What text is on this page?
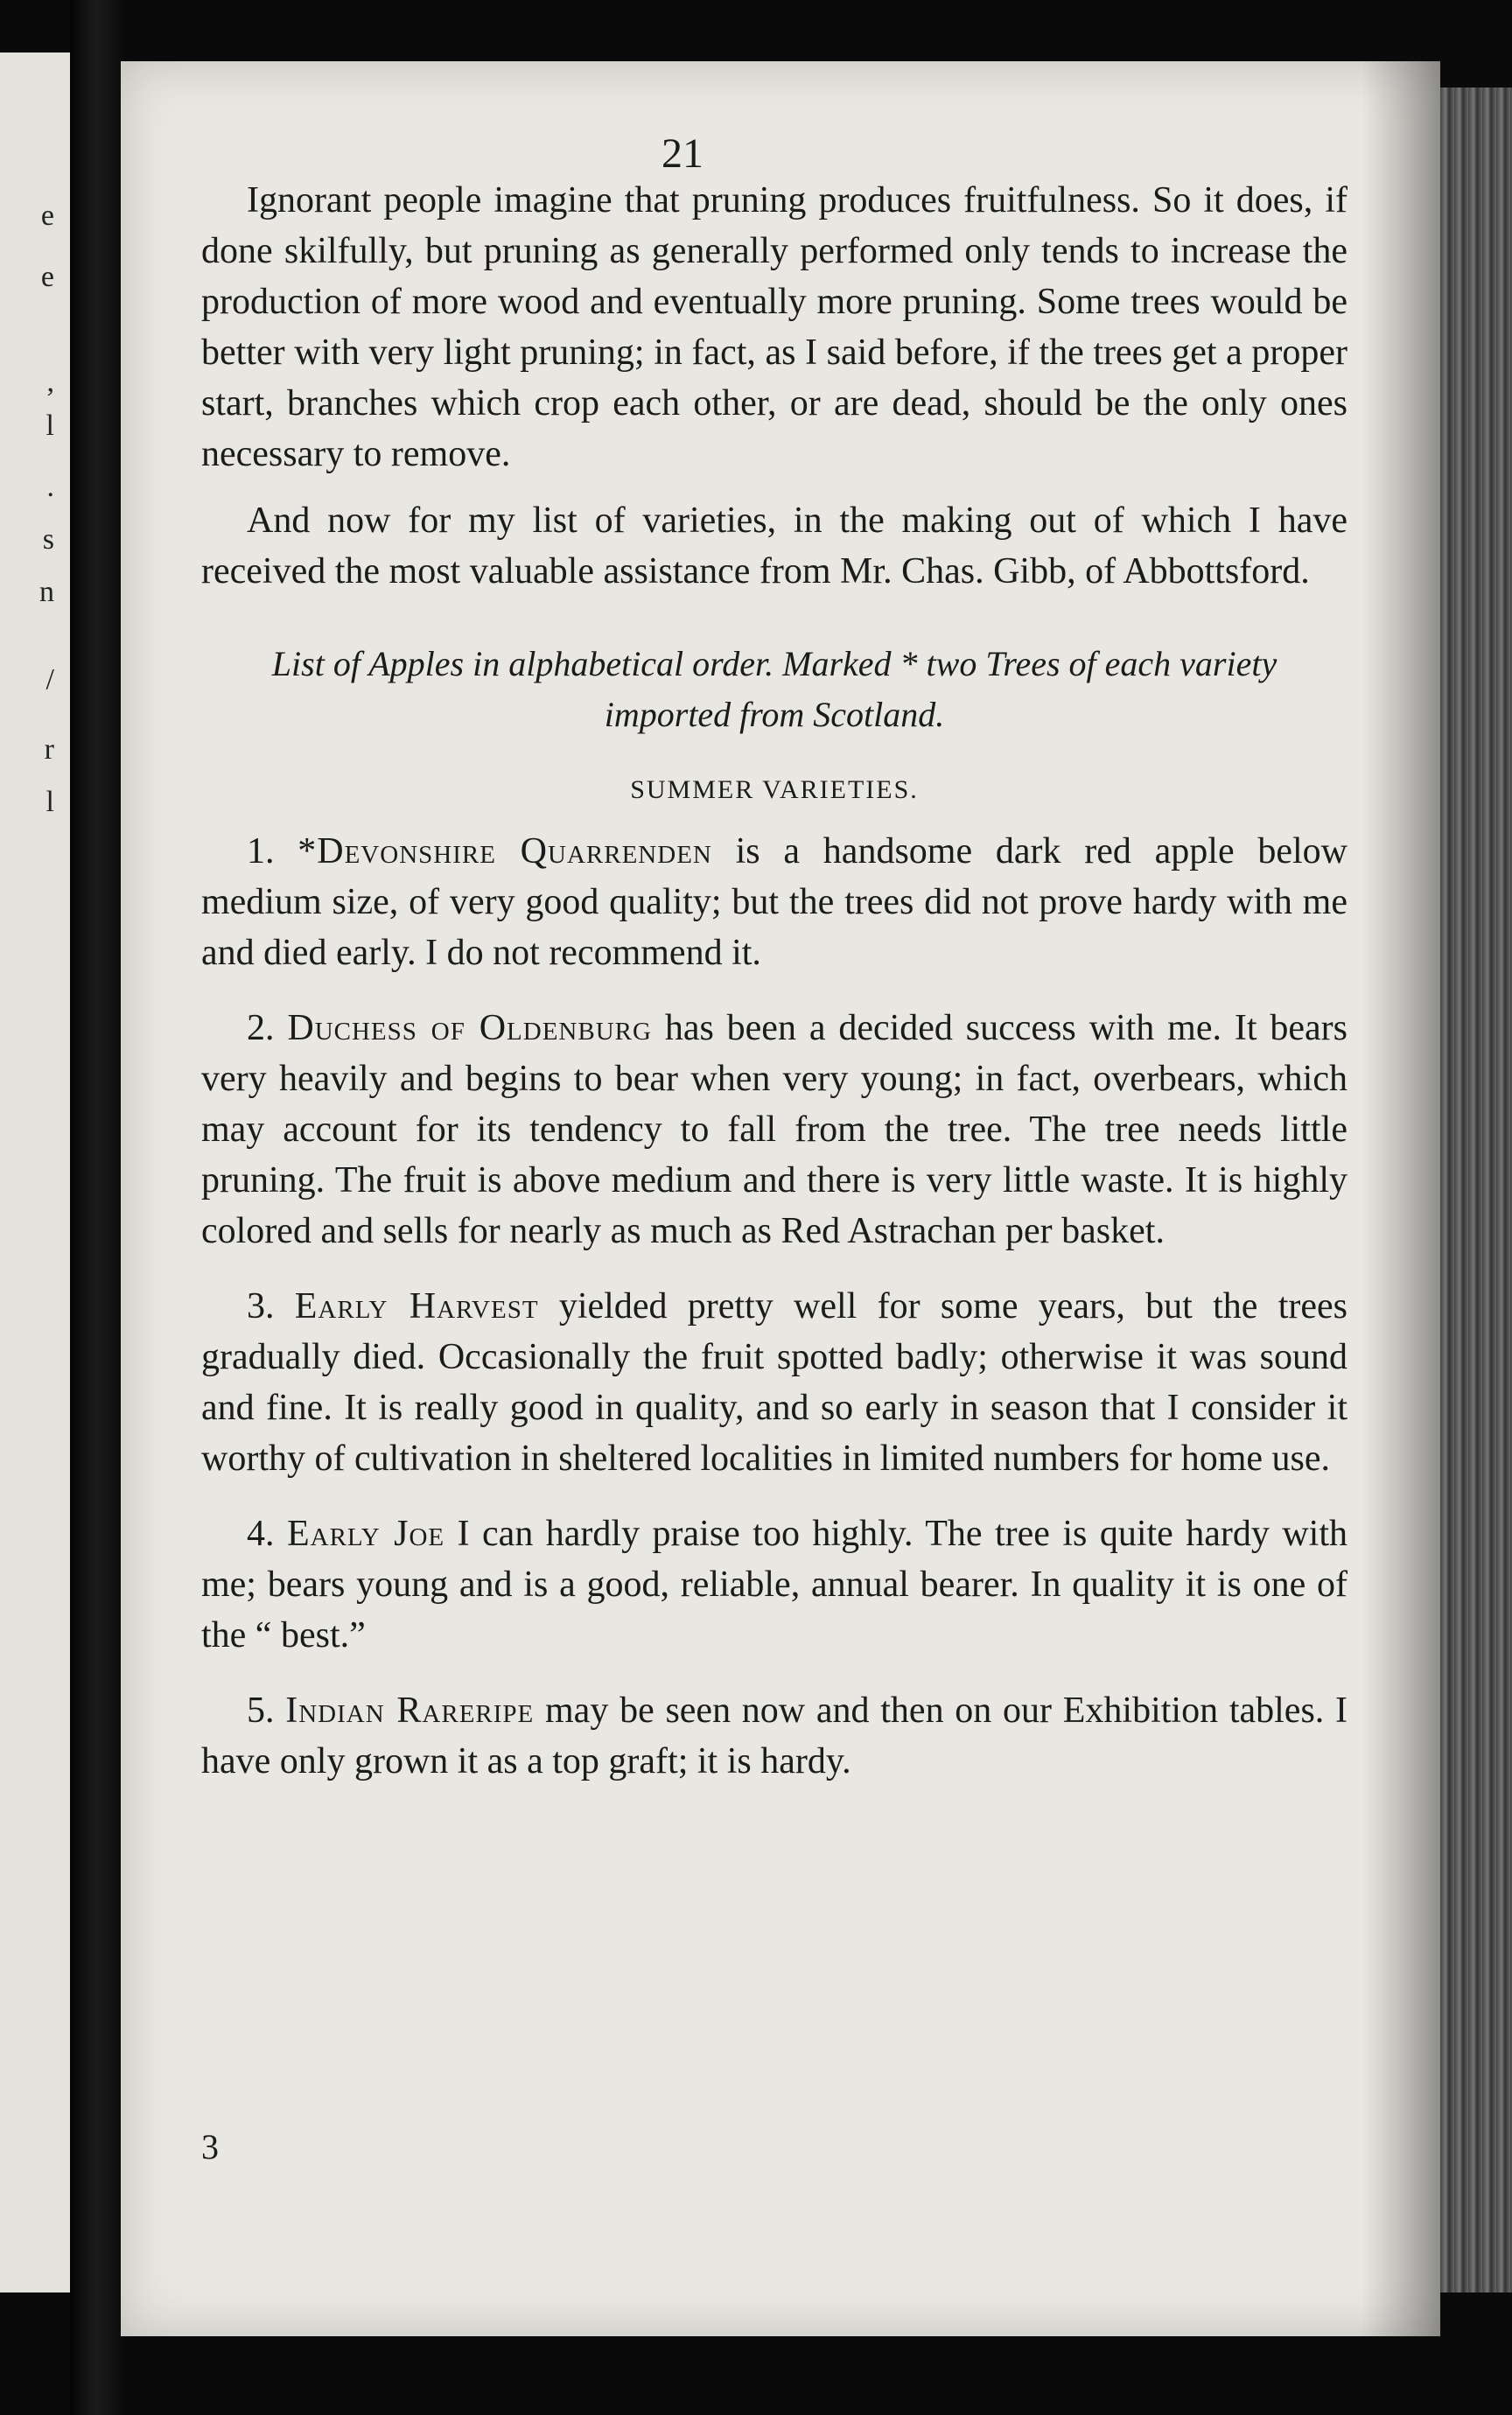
e
e
,
l
.
s
n
/
r
l
21

Ignorant people imagine that pruning produces fruitfulness. So it does, if done skilfully, but pruning as generally performed only tends to increase the production of more wood and eventually more pruning. Some trees would be better with very light pruning; in fact, as I said before, if the trees get a proper start, branches which crop each other, or are dead, should be the only ones necessary to remove.

And now for my list of varieties, in the making out of which I have received the most valuable assistance from Mr. Chas. Gibb, of Abbottsford.

List of Apples in alphabetical order. Marked * two Trees of each variety imported from Scotland.
SUMMER VARIETIES.

1. *Devonshire Quarrenden is a handsome dark red apple below medium size, of very good quality; but the trees did not prove hardy with me and died early. I do not recommend it.

2. Duchess of Oldenburg has been a decided success with me. It bears very heavily and begins to bear when very young; in fact, overbears, which may account for its tendency to fall from the tree. The tree needs little pruning. The fruit is above medium and there is very little waste. It is highly colored and sells for nearly as much as Red Astrachan per basket.

3. Early Harvest yielded pretty well for some years, but the trees gradually died. Occasionally the fruit spotted badly; otherwise it was sound and fine. It is really good in quality, and so early in season that I consider it worthy of cultivation in sheltered localities in limited numbers for home use.

4. Early Joe I can hardly praise too highly. The tree is quite hardy with me; bears young and is a good, reliable, annual bearer. In quality it is one of the “ best.”

5. Indian Rareripe may be seen now and then on our Exhibition tables. I have only grown it as a top graft; it is hardy.

3
